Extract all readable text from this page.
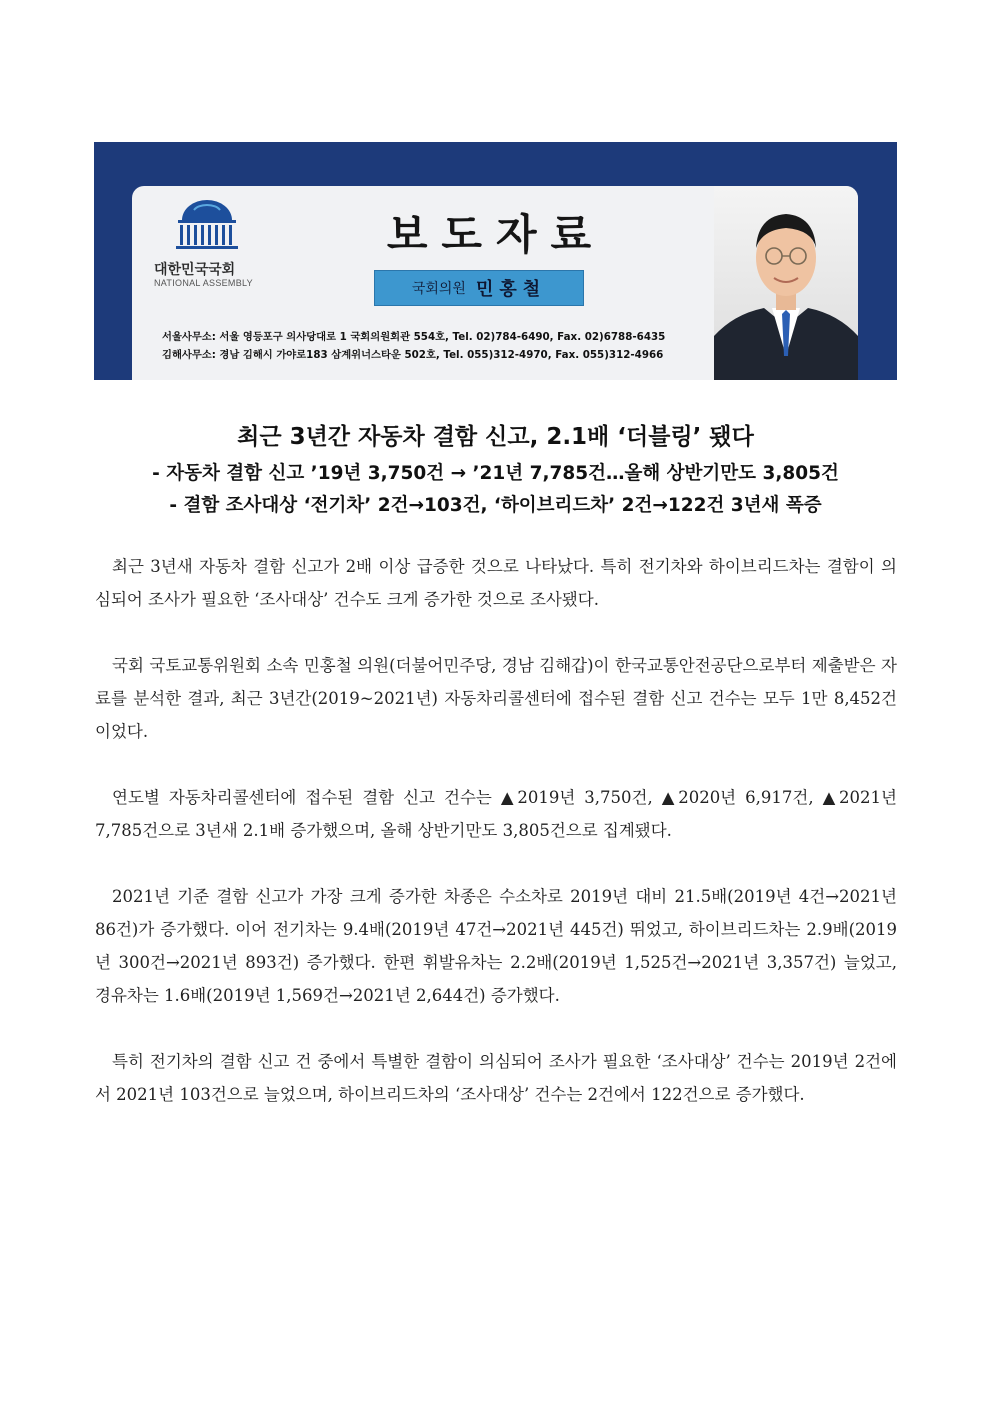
대한민국국회
NATIONAL ASSEMBLY
보도자료
국회의원 민홍철
서울사무소: 서울 영등포구 의사당대로 1 국회의원회관 554호, Tel. 02)784-6490, Fax. 02)6788-6435
김해사무소: 경남 김해시 가야로183 삼계위너스타운 502호, Tel. 055)312-4970, Fax. 055)312-4966
최근 3년간 자동차 결함 신고, 2.1배 ‘더블링’ 됐다
- 자동차 결함 신고 ’19년 3,750건 → ’21년 7,785건…올해 상반기만도 3,805건
- 결함 조사대상 ‘전기차’ 2건→103건, ‘하이브리드차’ 2건→122건 3년새 폭증

최근 3년새 자동차 결함 신고가 2배 이상 급증한 것으로 나타났다. 특히 전기차와 하이브리드차는 결함이 의심되어 조사가 필요한 ‘조사대상’ 건수도 크게 증가한 것으로 조사됐다.

국회 국토교통위원회 소속 민홍철 의원(더불어민주당, 경남 김해갑)이 한국교통안전공단으로부터 제출받은 자료를 분석한 결과, 최근 3년간(2019~2021년) 자동차리콜센터에 접수된 결함 신고 건수는 모두 1만 8,452건이었다.

연도별 자동차리콜센터에 접수된 결함 신고 건수는 ▲2019년 3,750건, ▲2020년 6,917건, ▲2021년 7,785건으로 3년새 2.1배 증가했으며, 올해 상반기만도 3,805건으로 집계됐다.

2021년 기준 결함 신고가 가장 크게 증가한 차종은 수소차로 2019년 대비 21.5배(2019년 4건→2021년 86건)가 증가했다. 이어 전기차는 9.4배(2019년 47건→2021년 445건) 뛰었고, 하이브리드차는 2.9배(2019년 300건→2021년 893건) 증가했다. 한편 휘발유차는 2.2배(2019년 1,525건→2021년 3,357건) 늘었고, 경유차는 1.6배(2019년 1,569건→2021년 2,644건) 증가했다.

특히 전기차의 결함 신고 건 중에서 특별한 결함이 의심되어 조사가 필요한 ‘조사대상’ 건수는 2019년 2건에서 2021년 103건으로 늘었으며, 하이브리드차의 ‘조사대상’ 건수는 2건에서 122건으로 증가했다.
